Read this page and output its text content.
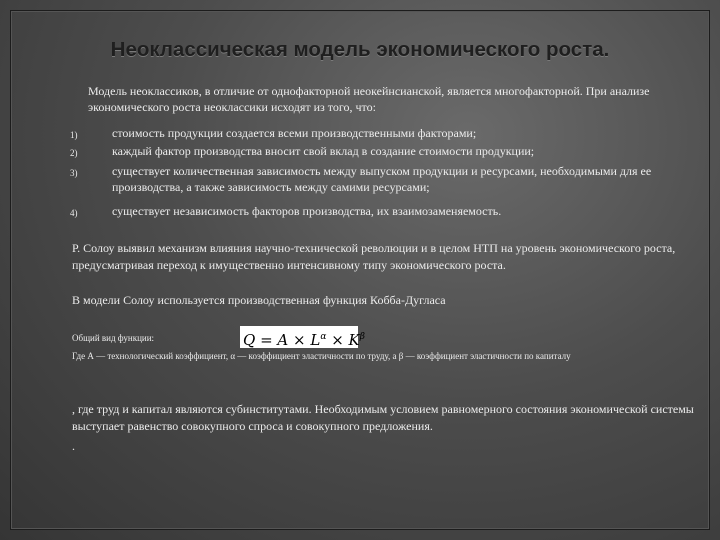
Неоклассическая модель экономического роста.
Модель неоклассиков, в отличие от однофакторной неокейнсианской, является многофакторной. При анализе экономического роста неоклассики исходят из того, что:
1)	стоимость продукции создается всеми производственными факторами;
2)	каждый фактор производства вносит свой вклад в создание стоимости продукции;
3)	существует количественная зависимость между выпуском продукции и ресурсами, необходимыми для ее производства, а также зависимость между самими ресурсами;
4)	существует независимость факторов производства, их взаимозаменяемость.
Р. Солоу выявил механизм влияния научно-технической революции и в целом НТП на уровень экономического роста, предусматривая переход к имущественно интенсивному типу экономического роста.
В модели Солоу используется производственная функция Кобба-Дугласа
Общий вид функции:	$Q = A \times L^\alpha \times K^\beta$
Где А — технологический коэффициент, α — коэффициент эластичности по труду, а β — коэффициент эластичности по капиталу
, где труд и капитал являются субинститутами. Необходимым условием равномерного состояния экономической системы выступает равенство совокупного спроса и совокупного предложения.
.
